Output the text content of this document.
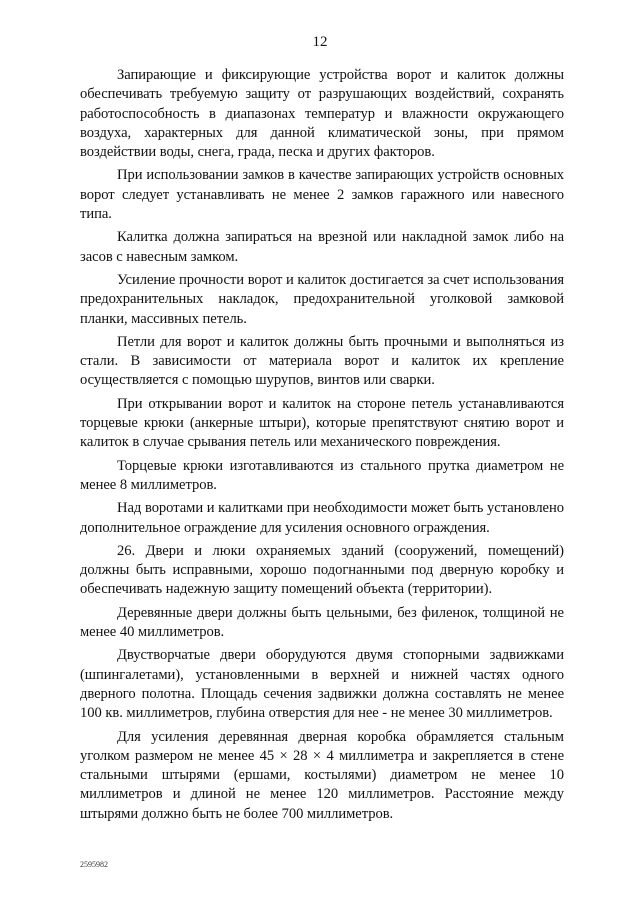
12

Запирающие и фиксирующие устройства ворот и калиток должны обеспечивать требуемую защиту от разрушающих воздействий, сохранять работоспособность в диапазонах температур и влажности окружающего воздуха, характерных для данной климатической зоны, при прямом воздействии воды, снега, града, песка и других факторов.

При использовании замков в качестве запирающих устройств основных ворот следует устанавливать не менее 2 замков гаражного или навесного типа.

Калитка должна запираться на врезной или накладной замок либо на засов с навесным замком.

Усиление прочности ворот и калиток достигается за счет использования предохранительных накладок, предохранительной уголковой замковой планки, массивных петель.

Петли для ворот и калиток должны быть прочными и выполняться из стали. В зависимости от материала ворот и калиток их крепление осуществляется с помощью шурупов, винтов или сварки.

При открывании ворот и калиток на стороне петель устанавливаются торцевые крюки (анкерные штыри), которые препятствуют снятию ворот и калиток в случае срывания петель или механического повреждения.

Торцевые крюки изготавливаются из стального прутка диаметром не менее 8 миллиметров.

Над воротами и калитками при необходимости может быть установлено дополнительное ограждение для усиления основного ограждения.

26. Двери и люки охраняемых зданий (сооружений, помещений) должны быть исправными, хорошо подогнанными под дверную коробку и обеспечивать надежную защиту помещений объекта (территории).

Деревянные двери должны быть цельными, без филенок, толщиной не менее 40 миллиметров.

Двустворчатые двери оборудуются двумя стопорными задвижками (шпингалетами), установленными в верхней и нижней частях одного дверного полотна. Площадь сечения задвижки должна составлять не менее 100 кв. миллиметров, глубина отверстия для нее - не менее 30 миллиметров.

Для усиления деревянная дверная коробка обрамляется стальным уголком размером не менее 45 × 28 × 4 миллиметра и закрепляется в стене стальными штырями (ершами, костылями) диаметром не менее 10 миллиметров и длиной не менее 120 миллиметров. Расстояние между штырями должно быть не более 700 миллиметров.

2595982
